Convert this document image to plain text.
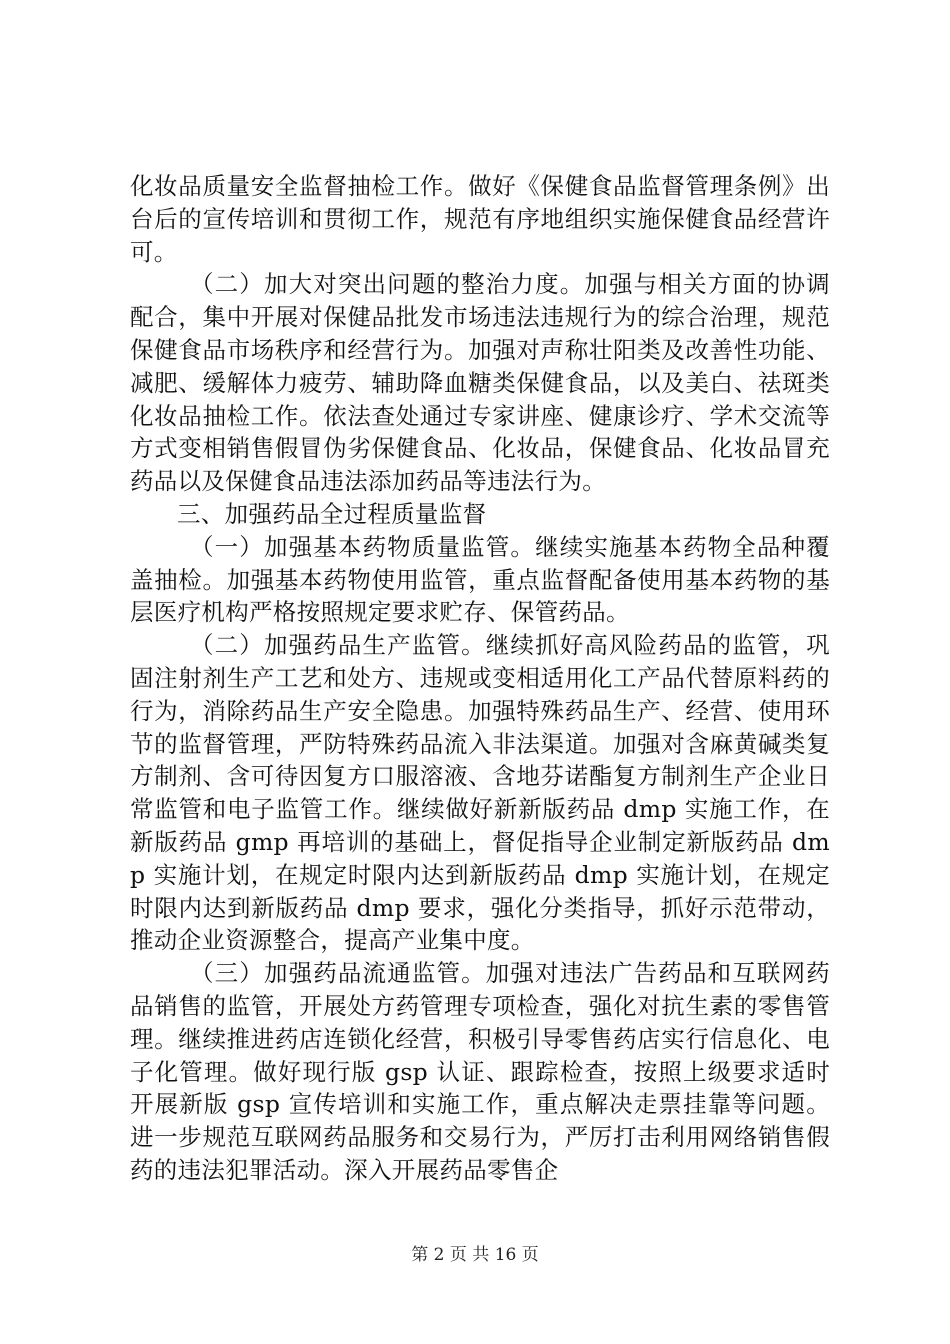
化妆品质量安全监督抽检工作。做好《保健食品监督管理条例》出台后的宣传培训和贯彻工作，规范有序地组织实施保健食品经营许可。

（二）加大对突出问题的整治力度。加强与相关方面的协调配合，集中开展对保健品批发市场违法违规行为的综合治理，规范保健食品市场秩序和经营行为。加强对声称壮阳类及改善性功能、减肥、缓解体力疲劳、辅助降血糖类保健食品，以及美白、祛斑类化妆品抽检工作。依法查处通过专家讲座、健康诊疗、学术交流等方式变相销售假冒伪劣保健食品、化妆品，保健食品、化妆品冒充药品以及保健食品违法添加药品等违法行为。

三、加强药品全过程质量监督

（一）加强基本药物质量监管。继续实施基本药物全品种覆盖抽检。加强基本药物使用监管，重点监督配备使用基本药物的基层医疗机构严格按照规定要求贮存、保管药品。

（二）加强药品生产监管。继续抓好高风险药品的监管，巩固注射剂生产工艺和处方、违规或变相适用化工产品代替原料药的行为，消除药品生产安全隐患。加强特殊药品生产、经营、使用环节的监督管理，严防特殊药品流入非法渠道。加强对含麻黄碱类复方制剂、含可待因复方口服溶液、含地芬诺酯复方制剂生产企业日常监管和电子监管工作。继续做好新新版药品 dmp 实施工作，在新版药品 gmp 再培训的基础上，督促指导企业制定新版药品 dmp 实施计划，在规定时限内达到新版药品 dmp 实施计划，在规定时限内达到新版药品 dmp 要求，强化分类指导，抓好示范带动，推动企业资源整合，提高产业集中度。

（三）加强药品流通监管。加强对违法广告药品和互联网药品销售的监管，开展处方药管理专项检查，强化对抗生素的零售管理。继续推进药店连锁化经营，积极引导零售药店实行信息化、电子化管理。做好现行版 gsp 认证、跟踪检查，按照上级要求适时开展新版 gsp 宣传培训和实施工作，重点解决走票挂靠等问题。进一步规范互联网药品服务和交易行为，严厉打击利用网络销售假药的违法犯罪活动。深入开展药品零售企

第 2 页 共 16 页
